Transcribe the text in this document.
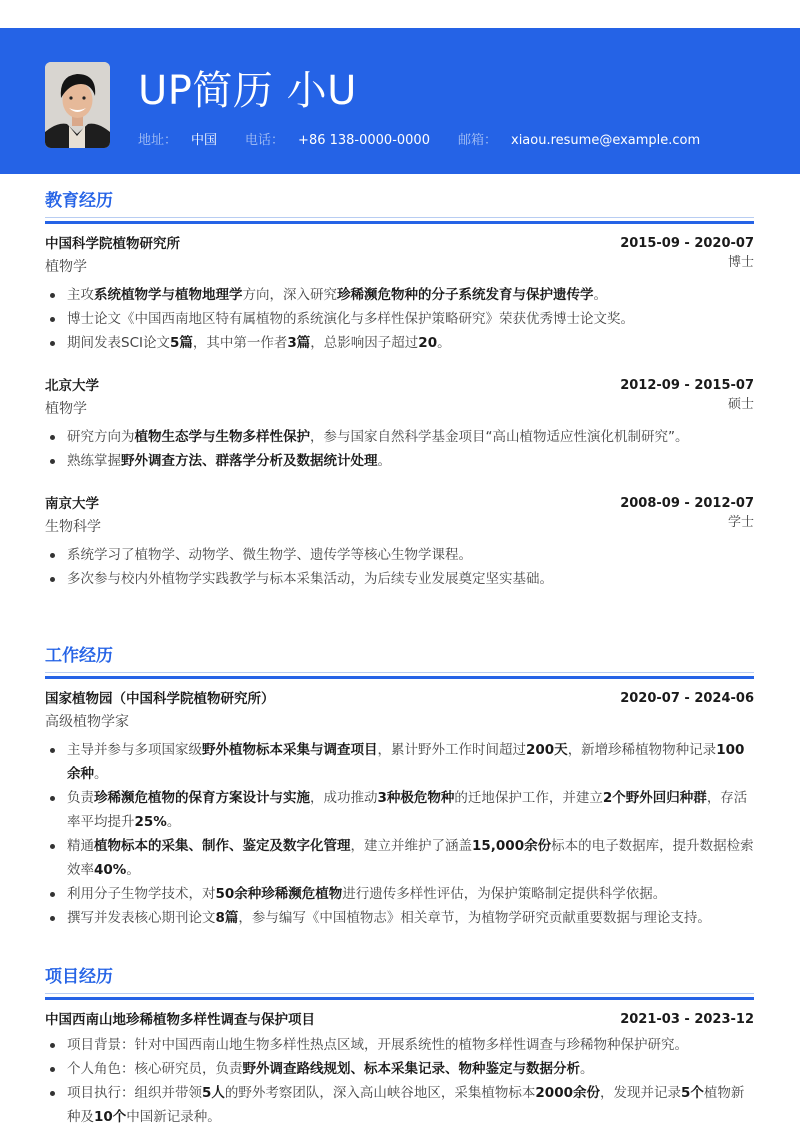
UP简历 小U
地址： 中国 电话： +86 138-0000-0000 邮箱： xiaou.resume@example.com
教育经历
中国科学院植物研究所	2015-09 - 2020-07
植物学	博士
主攻系统植物学与植物地理学方向，深入研究珍稀濒危物种的分子系统发育与保护遗传学。
博士论文《中国西南地区特有属植物的系统演化与多样性保护策略研究》荣获优秀博士论文奖。
期间发表SCI论文5篇，其中第一作者3篇，总影响因子超过20。
北京大学	2012-09 - 2015-07
植物学	硕士
研究方向为植物生态学与生物多样性保护，参与国家自然科学基金项目“高山植物适应性演化机制研究”。
熟练掌握野外调查方法、群落学分析及数据统计处理。
南京大学	2008-09 - 2012-07
生物科学	学士
系统学习了植物学、动物学、微生物学、遗传学等核心生物学课程。
多次参与校内外植物学实践教学与标本采集活动，为后续专业发展奠定坚实基础。
工作经历
国家植物园（中国科学院植物研究所）	2020-07 - 2024-06
高级植物学家
主导并参与多项国家级野外植物标本采集与调查项目，累计野外工作时间超过200天，新增珍稀植物物种记录100余种。
负责珍稀濒危植物的保育方案设计与实施，成功推动3种极危物种的迁地保护工作，并建立2个野外回归种群，存活率平均提升25%。
精通植物标本的采集、制作、鉴定及数字化管理，建立并维护了涵盖15,000余份标本的电子数据库，提升数据检索效率40%。
利用分子生物学技术，对50余种珍稀濒危植物进行遗传多样性评估，为保护策略制定提供科学依据。
撰写并发表核心期刊论文8篇，参与编写《中国植物志》相关章节，为植物学研究贡献重要数据与理论支持。
项目经历
中国西南山地珍稀植物多样性调查与保护项目	2021-03 - 2023-12
项目背景：针对中国西南山地生物多样性热点区域，开展系统性的植物多样性调查与珍稀物种保护研究。
个人角色：核心研究员，负责野外调查路线规划、标本采集记录、物种鉴定与数据分析。
项目执行：组织并带领5人的野外考察团队，深入高山峡谷地区，采集植物标本2000余份，发现并记录5个植物新种及10个中国新记录种。
